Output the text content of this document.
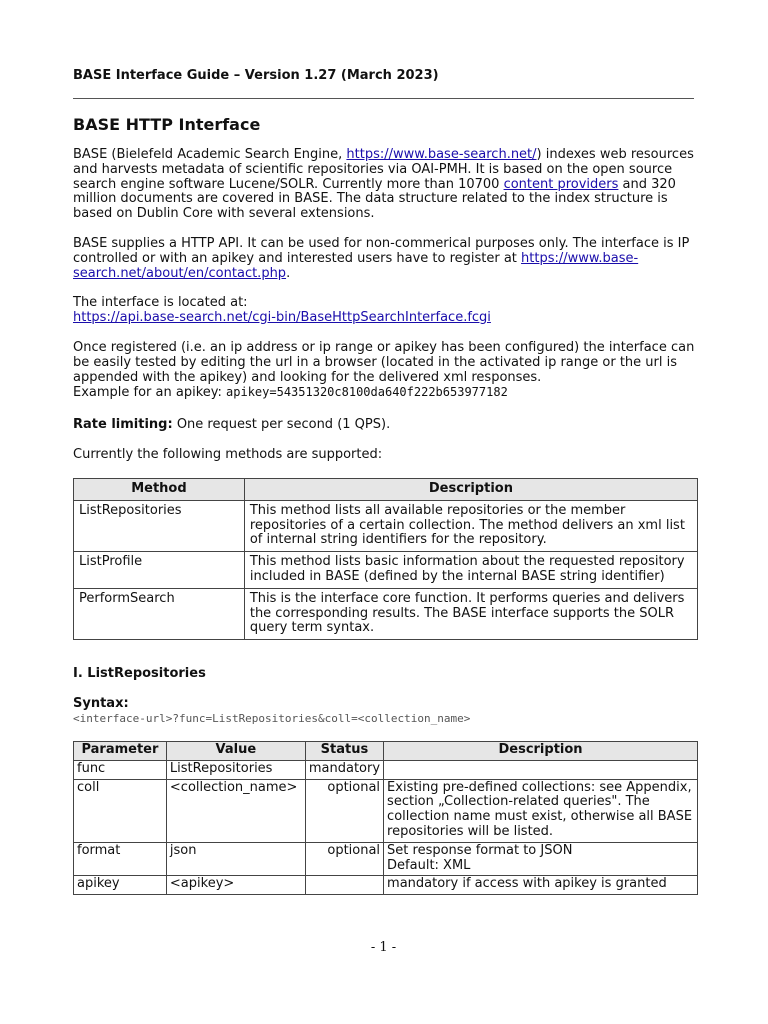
BASE Interface Guide – Version 1.27 (March 2023)
BASE HTTP Interface

BASE (Bielefeld Academic Search Engine, https://www.base-search.net/) indexes web resources and harvests metadata of scientific repositories via OAI-PMH. It is based on the open source search engine software Lucene/SOLR. Currently more than 10700 content providers and 320 million documents are covered in BASE. The data structure related to the index structure is based on Dublin Core with several extensions.

BASE supplies a HTTP API. It can be used for non-commerical purposes only. The interface is IP controlled or with an apikey and interested users have to register at https://www.base-search.net/about/en/contact.php.

The interface is located at:
https://api.base-search.net/cgi-bin/BaseHttpSearchInterface.fcgi

Once registered (i.e. an ip address or ip range or apikey has been configured) the interface can be easily tested by editing the url in a browser (located in the activated ip range or the url is appended with the apikey) and looking for the delivered xml responses.
Example for an apikey: apikey=54351320c8100da640f222b653977182

Rate limiting: One request per second (1 QPS).

Currently the following methods are supported:

Method	Description
ListRepositories	This method lists all available repositories or the member repositories of a certain collection. The method delivers an xml list of internal string identifiers for the repository.
ListProfile	This method lists basic information about the requested repository included in BASE (defined by the internal BASE string identifier)
PerformSearch	This is the interface core function. It performs queries and delivers the corresponding results. The BASE interface supports the SOLR query term syntax.
I. ListRepositories
Syntax:
<interface-url>?func=ListRepositories&coll=<collection_name>
Parameter	Value	Status	Description
func	ListRepositories	mandatory	
coll	<collection_name>	optional	Existing pre-defined collections: see Appendix, section „Collection-related queries". The collection name must exist, otherwise all BASE repositories will be listed.
format	json	optional	Set response format to JSON
Default: XML
apikey	<apikey>		mandatory if access with apikey is granted
- 1 -
